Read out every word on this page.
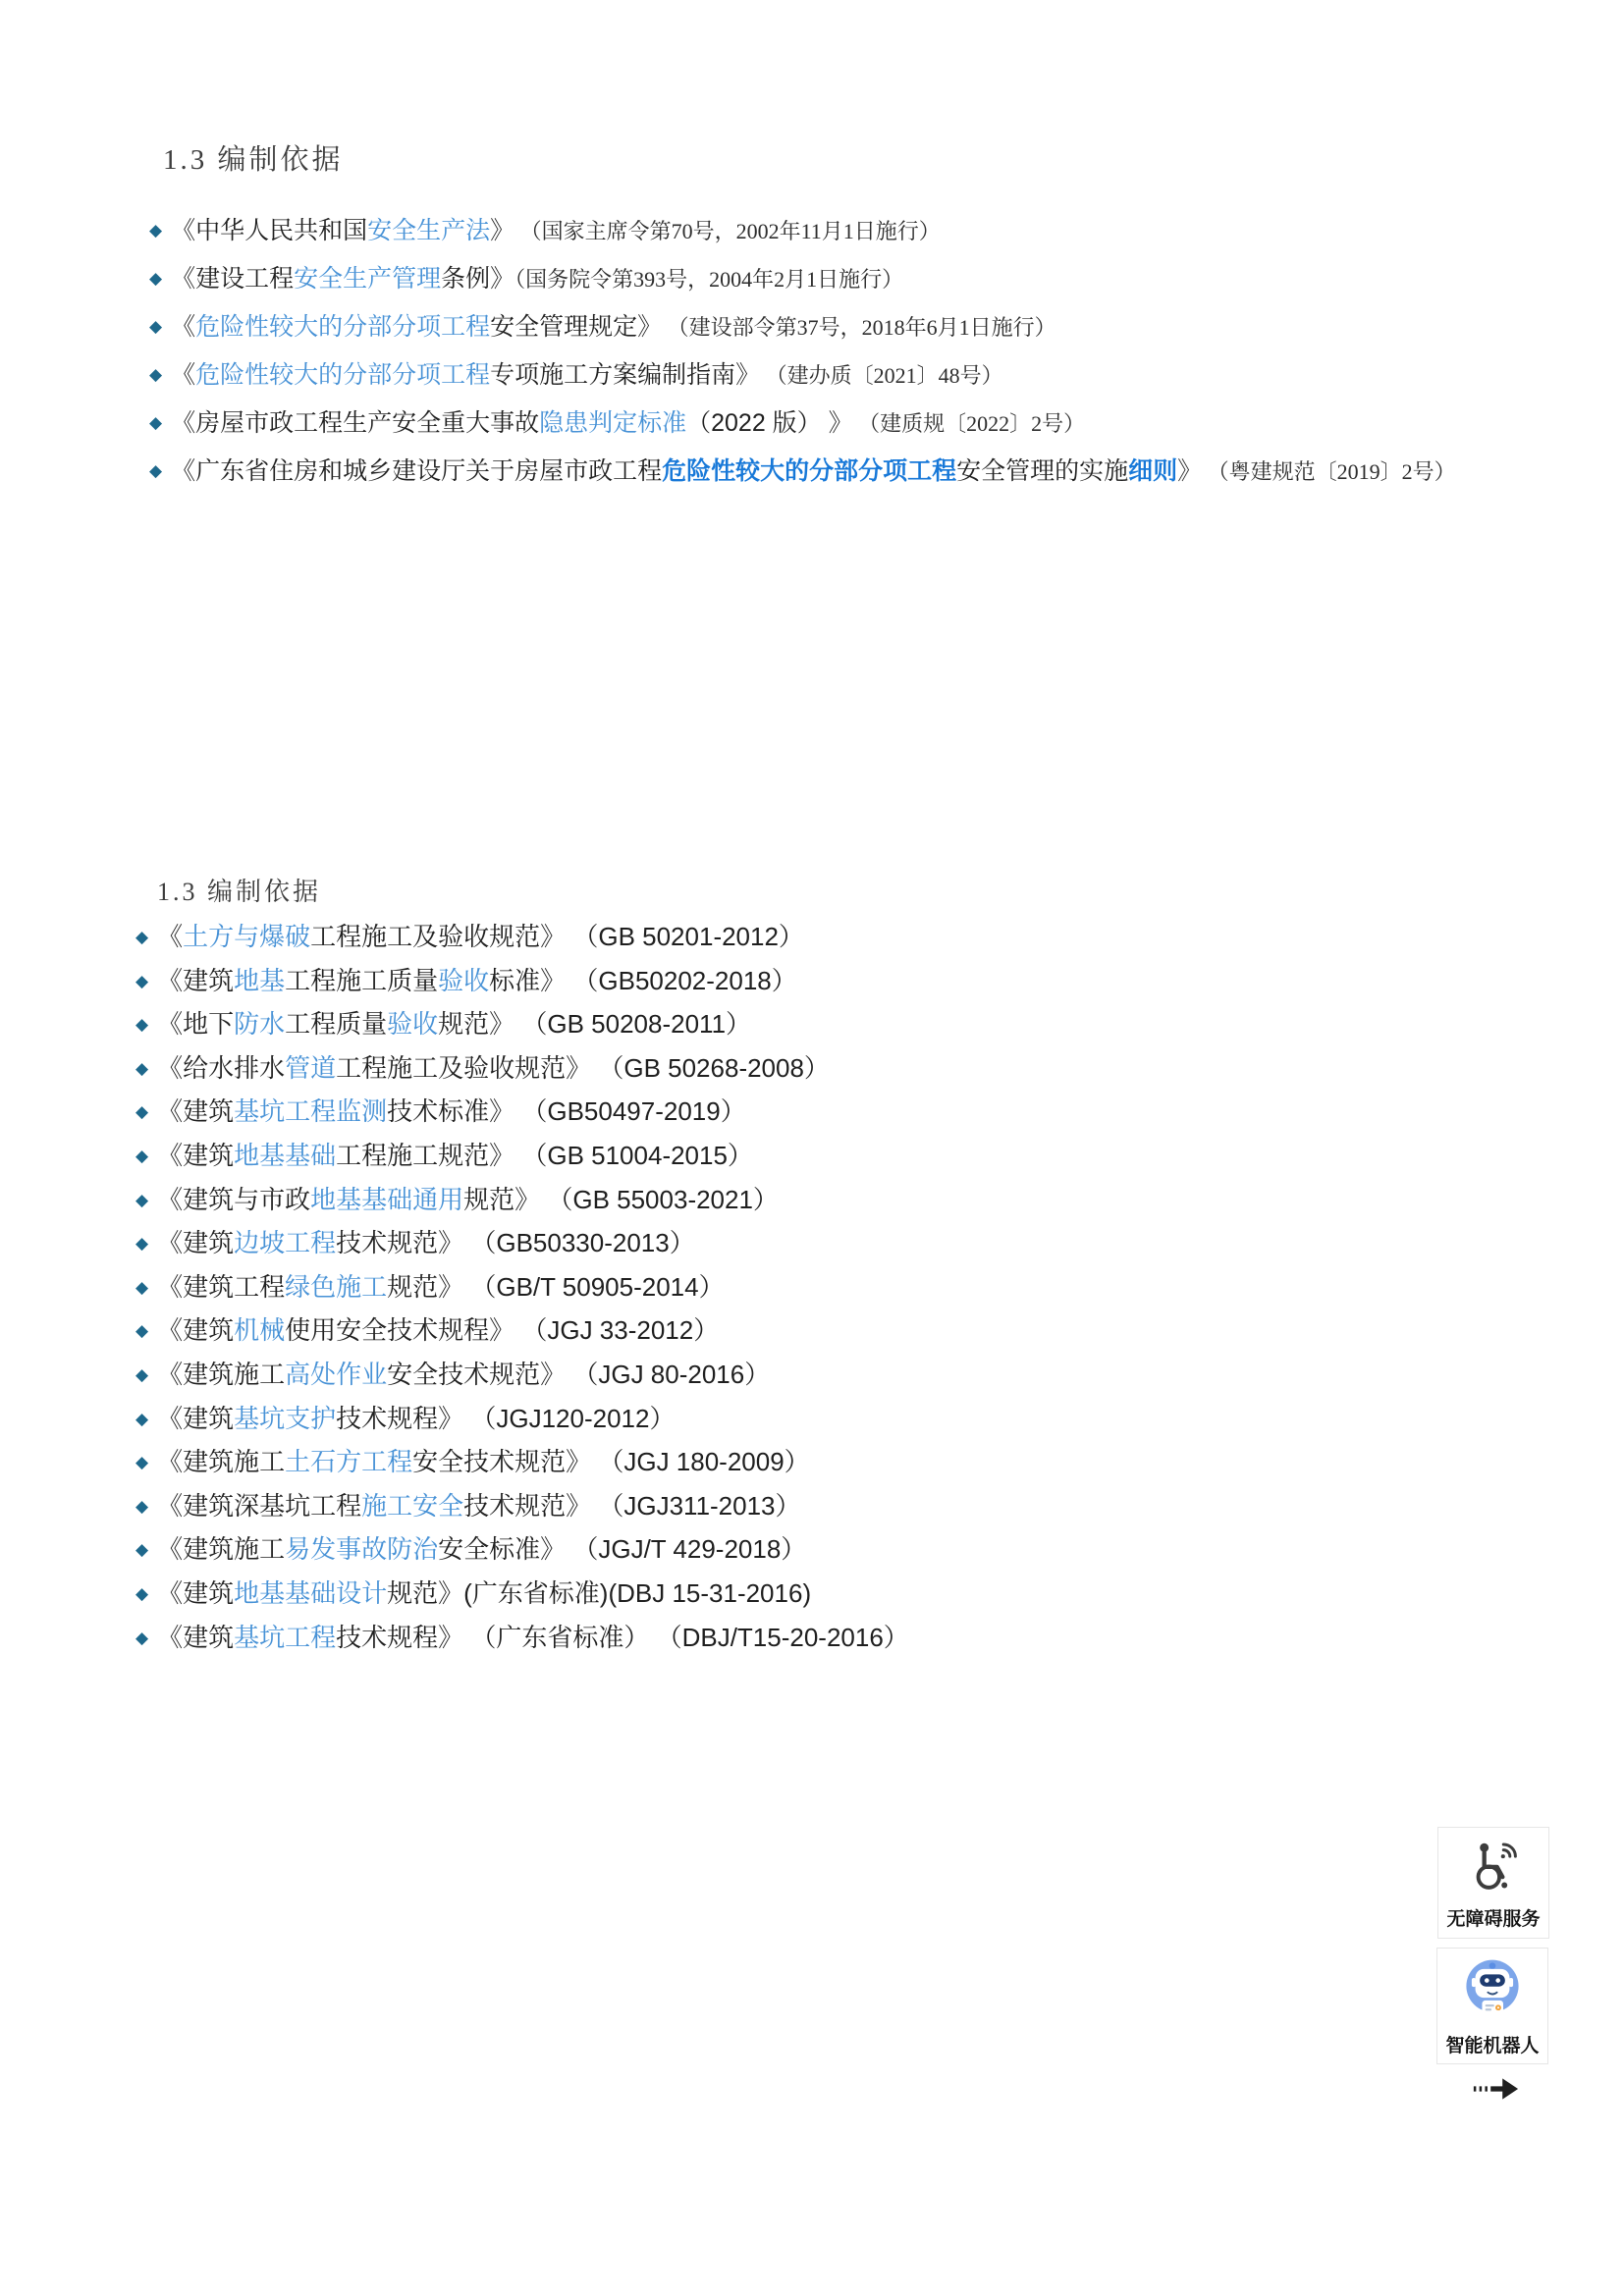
1.3 编制依据
◆ 《中华人民共和国安全生产法》 （国家主席令第70号，2002年11月1日施行）
◆ 《建设工程安全生产管理条例》（国务院令第393号，2004年2月1日施行）
◆ 《危险性较大的分部分项工程安全管理规定》 （建设部令第37号，2018年6月1日施行）
◆ 《危险性较大的分部分项工程专项施工方案编制指南》 （建办质〔2021〕48号）
◆ 《房屋市政工程生产安全重大事故隐患判定标准（2022 版） 》 （建质规〔2022〕2号）
◆ 《广东省住房和城乡建设厅关于房屋市政工程危险性较大的分部分项工程安全管理的实施细则》 （粤建规范〔2019〕2号）
1.3 编制依据
◆ 《土方与爆破工程施工及验收规范》 （GB 50201-2012）
◆ 《建筑地基工程施工质量验收标准》 （GB50202-2018）
◆ 《地下防水工程质量验收规范》 （GB 50208-2011）
◆ 《给水排水管道工程施工及验收规范》 （GB 50268-2008）
◆ 《建筑基坑工程监测技术标准》 （GB50497-2019）
◆ 《建筑地基基础工程施工规范》 （GB 51004-2015）
◆ 《建筑与市政地基基础通用规范》 （GB 55003-2021）
◆ 《建筑边坡工程技术规范》 （GB50330-2013）
◆ 《建筑工程绿色施工规范》 （GB/T 50905-2014）
◆ 《建筑机械使用安全技术规程》 （JGJ 33-2012）
◆ 《建筑施工高处作业安全技术规范》 （JGJ 80-2016）
◆ 《建筑基坑支护技术规程》 （JGJ120-2012）
◆ 《建筑施工土石方工程安全技术规范》 （JGJ 180-2009）
◆ 《建筑深基坑工程施工安全技术规范》 （JGJ311-2013）
◆ 《建筑施工易发事故防治安全标准》 （JGJ/T 429-2018）
◆ 《建筑地基基础设计规范》(广东省标准)(DBJ 15-31-2016)
◆ 《建筑基坑工程技术规程》 （广东省标准） （DBJ/T15-20-2016）
无障碍服务
智能机器人
